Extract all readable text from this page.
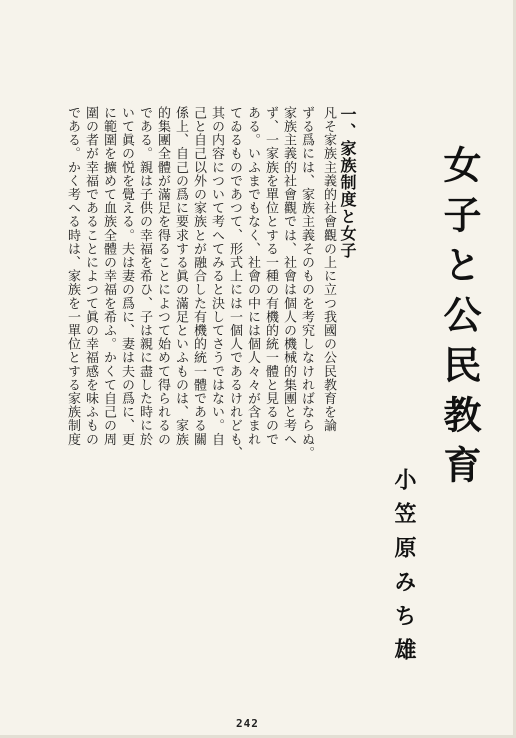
女子と公民教育
小笠原みち雄
一、家族制度と女子
凡そ家族主義的社會觀の上に立つ我國の公民教育を論
ずる爲には、家族主義そのものを考究しなければならぬ。
家族主義的社會觀では、社會は個人の機械的集團と考へ
ず、一家族を單位とする一種の有機的統一體と見るので
ある。いふまでもなく、社會の中には個人々々が含まれ
てゐるものであつて、形式上には一個人であるけれども、
其の内容について考へてみると決してさうではない。自
己と自己以外の家族とが融合した有機的統一體である關
係上、自己の爲に要求する眞の滿足といふものは、家族
的集團全體が滿足を得ることによつて始めて得られるの
である。親は子供の幸福を希ひ、子は親に盡した時に於
いて眞の悦を覺える。夫は妻の爲に、妻は夫の爲に、更
に範圍を擴めて血族全體の幸福を希ふ。かくて自己の周
圍の者が幸福であることによつて眞の幸福感を味ふもの
である。かく考へる時は、家族を一單位とする家族制度
242
